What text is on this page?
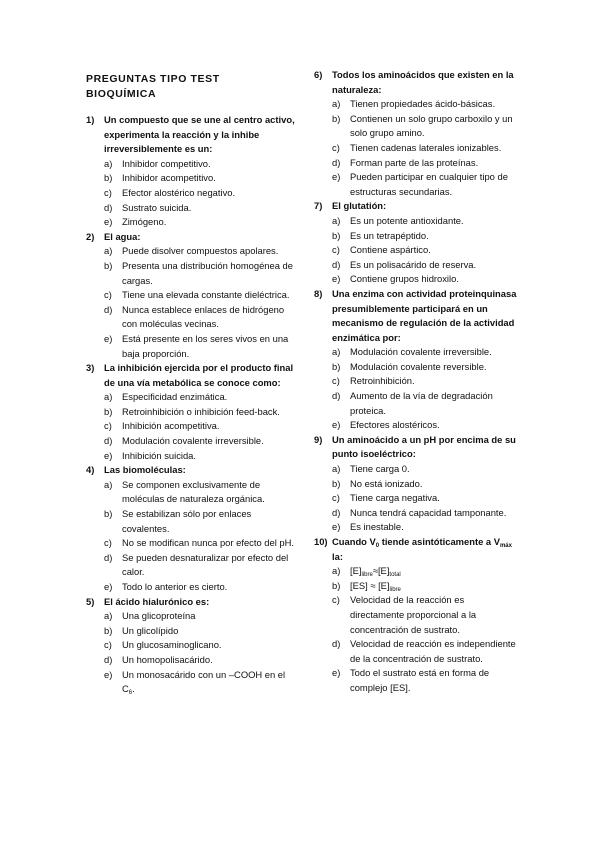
PREGUNTAS TIPO TEST
BIOQUÍMICA
1) Un compuesto que se une al centro activo, experimenta la reacción y la inhibe irreversiblemente es un:
a) Inhibidor competitivo.
b) Inhibidor acompetitivo.
c) Efector alostérico negativo.
d) Sustrato suicida.
e) Zimógeno.
2) El agua:
a) Puede disolver compuestos apolares.
b) Presenta una distribución homogénea de cargas.
c) Tiene una elevada constante dieléctrica.
d) Nunca establece enlaces de hidrógeno con moléculas vecinas.
e) Está presente en los seres vivos en una baja proporción.
3) La inhibición ejercida por el producto final de una vía metabólica se conoce como:
a) Especificidad enzimática.
b) Retroinhibición o inhibición feed-back.
c) Inhibición acompetitiva.
d) Modulación covalente irreversible.
e) Inhibición suicida.
4) Las biomoléculas:
a) Se componen exclusivamente de moléculas de naturaleza orgánica.
b) Se estabilizan sólo por enlaces covalentes.
c) No se modifican nunca por efecto del pH.
d) Se pueden desnaturalizar por efecto del calor.
e) Todo lo anterior es cierto.
5) El ácido hialurónico es:
a) Una glicoproteína
b) Un glicolípido
c) Un glucosaminoglicano.
d) Un homopolisacárido.
e) Un monosacárido con un –COOH en el $C_6$.
6) Todos los aminoácidos que existen en la naturaleza:
a) Tienen propiedades ácido-básicas.
b) Contienen un solo grupo carboxilo y un solo grupo amino.
c) Tienen cadenas laterales ionizables.
d) Forman parte de las proteínas.
e) Pueden participar en cualquier tipo de estructuras secundarias.
7) El glutatión:
a) Es un potente antioxidante.
b) Es un tetrapéptido.
c) Contiene aspártico.
d) Es un polisacárido de reserva.
e) Contiene grupos hidroxilo.
8) Una enzima con actividad proteinquinasa presumiblemente participará en un mecanismo de regulación de la actividad enzimática por:
a) Modulación covalente irreversible.
b) Modulación covalente reversible.
c) Retroinhibición.
d) Aumento de la vía de degradación proteica.
e) Efectores alostéricos.
9) Un aminoácido a un pH por encima de su punto isoeléctrico:
a) Tiene carga 0.
b) No está ionizado.
c) Tiene carga negativa.
d) Nunca tendrá capacidad tamponante.
e) Es inestable.
10) Cuando $V_0$ tiende asintóticamente a $V_{máx}$ la:
a) $[E]_{libre}\approx[E]_{total}$
b) $[ES] \approx [E]_{libre}$
c) Velocidad de la reacción es directamente proporcional a la concentración de sustrato.
d) Velocidad de reacción es independiente de la concentración de sustrato.
e) Todo el sustrato está en forma de complejo [ES].
